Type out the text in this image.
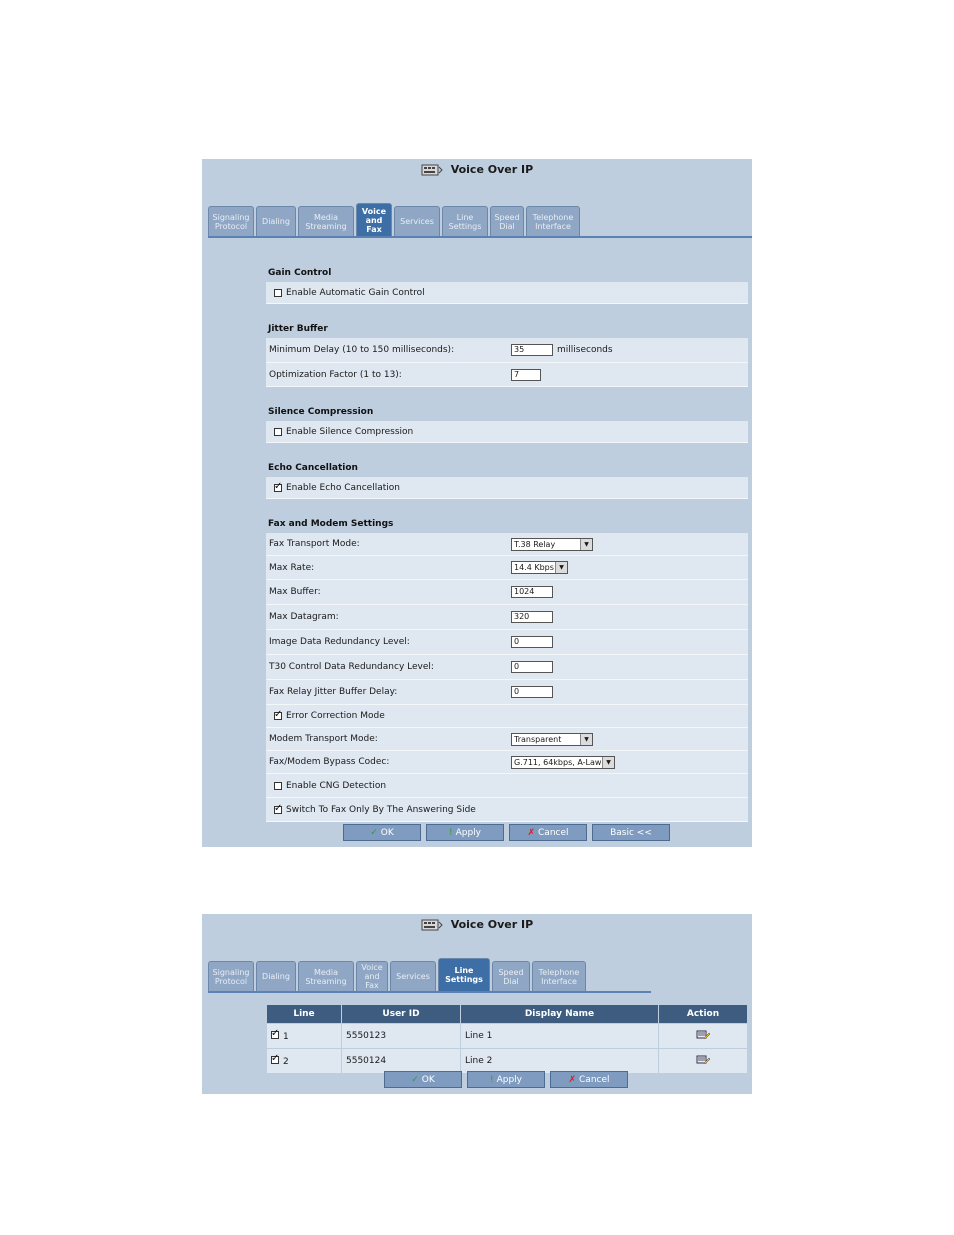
Voice Over IP
Signaling Protocol	Dialing	Media Streaming
Voice and Fax
Services	Line Settings
Speed Dial
Telephone Interface
Gain Control
Enable Automatic Gain Control
Jitter Buffer
Minimum Delay (10 to 150 milliseconds):	35	milliseconds
Optimization Factor (1 to 13):	7
Silence Compression
Enable Silence Compression
Echo Cancellation
✓
Enable Echo Cancellation
Fax and Modem Settings
Fax Transport Mode:	T.38 Relay	▼
Max Rate:	14.4 Kbps ▼
Max Buffer:	1024
Max Datagram:	320
Image Data Redundancy Level:	0
T30 Control Data Redundancy Level:	0
Fax Relay Jitter Buffer Delay:	0
✓
Error Correction Mode
Modem Transport Mode:	Transparent	▼
Fax/Modem Bypass Codec:	G.711, 64kbps, A-Law ▼
Enable CNG Detection
✓
Switch To Fax Only By The Answering Side
✓ OK	! Apply	✗ Cancel	Basic <<
Voice Over IP
Signaling Protocol	Dialing	Media Streaming
Voice and Fax
Services
Line Settings
Speed Dial
Telephone Interface
Line	User ID	Display Name	Action
✓1	5550123	Line 1	
✓2	5550124	Line 2	
✓ OK	! Apply	✗ Cancel
